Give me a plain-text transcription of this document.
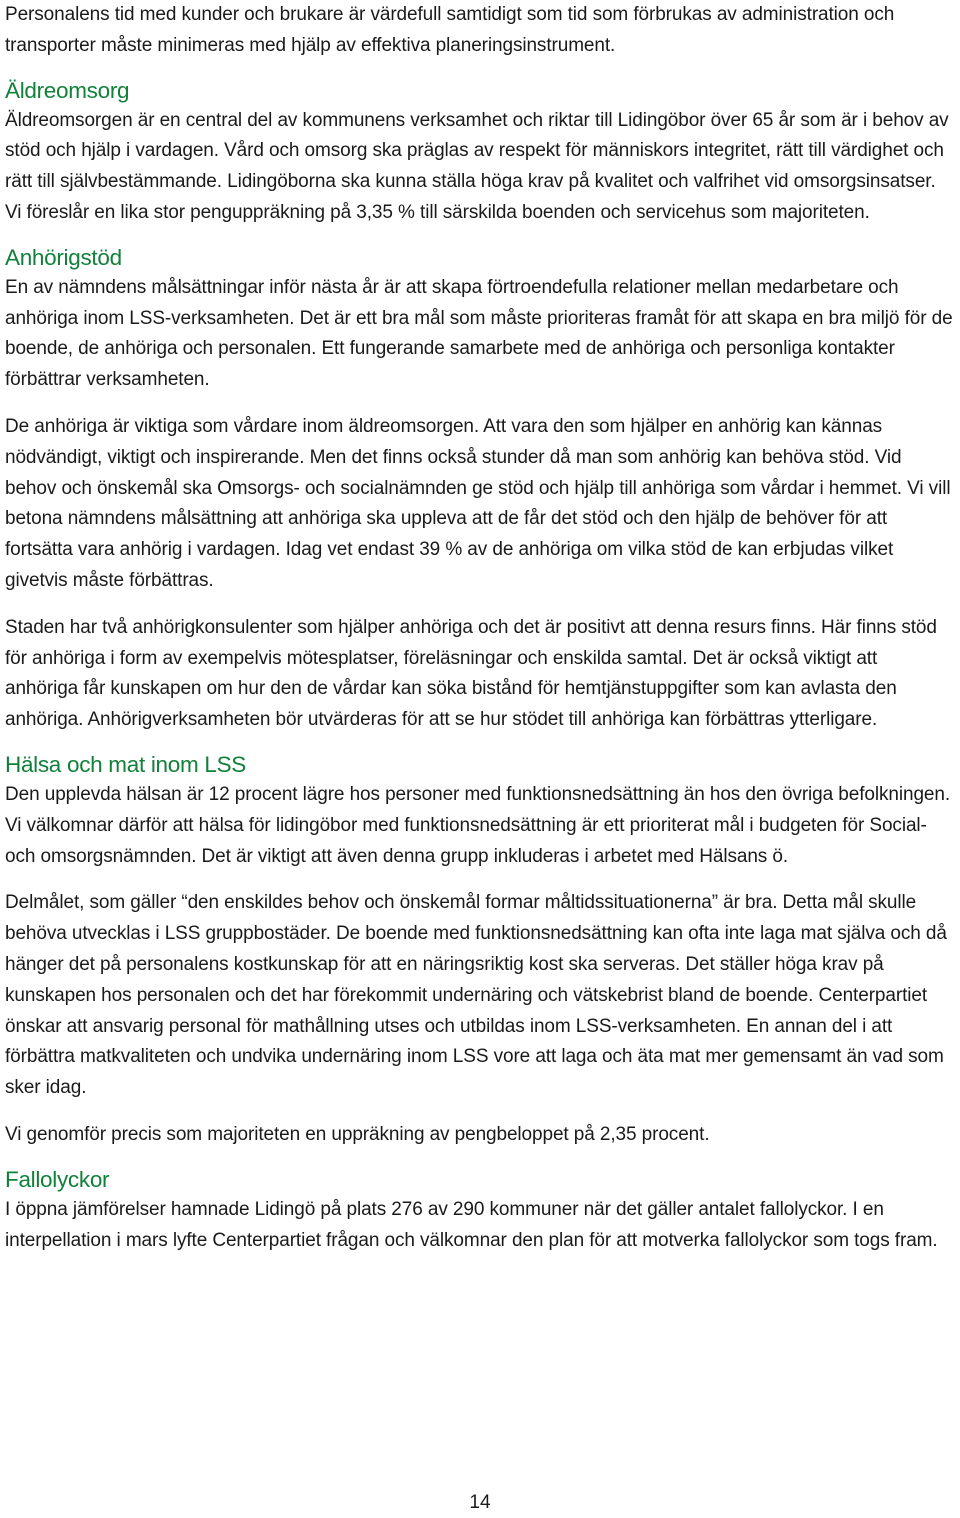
Personalens tid med kunder och brukare är värdefull samtidigt som tid som förbrukas av administration och transporter måste minimeras med hjälp av effektiva planeringsinstrument.

Äldreomsorg

Äldreomsorgen är en central del av kommunens verksamhet och riktar till Lidingöbor över 65 år som är i behov av stöd och hjälp i vardagen. Vård och omsorg ska präglas av respekt för människors integritet, rätt till värdighet och rätt till självbestämmande. Lidingöborna ska kunna ställa höga krav på kvalitet och valfrihet vid omsorgsinsatser. Vi föreslår en lika stor penguppräkning på 3,35 % till särskilda boenden och servicehus som majoriteten.

Anhörigstöd

En av nämndens målsättningar inför nästa år är att skapa förtroendefulla relationer mellan medarbetare och anhöriga inom LSS-verksamheten. Det är ett bra mål som måste prioriteras framåt för att skapa en bra miljö för de boende, de anhöriga och personalen. Ett fungerande samarbete med de anhöriga och personliga kontakter förbättrar verksamheten.

De anhöriga är viktiga som vårdare inom äldreomsorgen. Att vara den som hjälper en anhörig kan kännas nödvändigt, viktigt och inspirerande. Men det finns också stunder då man som anhörig kan behöva stöd. Vid behov och önskemål ska Omsorgs- och socialnämnden ge stöd och hjälp till anhöriga som vårdar i hemmet. Vi vill betona nämndens målsättning att anhöriga ska uppleva att de får det stöd och den hjälp de behöver för att fortsätta vara anhörig i vardagen. Idag vet endast 39 % av de anhöriga om vilka stöd de kan erbjudas vilket givetvis måste förbättras.

Staden har två anhörigkonsulenter som hjälper anhöriga och det är positivt att denna resurs finns. Här finns stöd för anhöriga i form av exempelvis mötesplatser, föreläsningar och enskilda samtal. Det är också viktigt att anhöriga får kunskapen om hur den de vårdar kan söka bistånd för hemtjänstuppgifter som kan avlasta den anhöriga. Anhörigverksamheten bör utvärderas för att se hur stödet till anhöriga kan förbättras ytterligare.

Hälsa och mat inom LSS

Den upplevda hälsan är 12 procent lägre hos personer med funktionsnedsättning än hos den övriga befolkningen. Vi välkomnar därför att hälsa för lidingöbor med funktionsnedsättning är ett prioriterat mål i budgeten för Social- och omsorgsnämnden. Det är viktigt att även denna grupp inkluderas i arbetet med Hälsans ö.

Delmålet, som gäller “den enskildes behov och önskemål formar måltidssituationerna” är bra. Detta mål skulle behöva utvecklas i LSS gruppbostäder. De boende med funktionsnedsättning kan ofta inte laga mat själva och då hänger det på personalens kostkunskap för att en näringsriktig kost ska serveras. Det ställer höga krav på kunskapen hos personalen och det har förekommit undernäring och vätskebrist bland de boende. Centerpartiet önskar att ansvarig personal för mathållning utses och utbildas inom LSS-verksamheten. En annan del i att förbättra matkvaliteten och undvika undernäring inom LSS vore att laga och äta mat mer gemensamt än vad som sker idag.

Vi genomför precis som majoriteten en uppräkning av pengbeloppet på 2,35 procent.

Fallolyckor

I öppna jämförelser hamnade Lidingö på plats 276 av 290 kommuner när det gäller antalet fallolyckor. I en interpellation i mars lyfte Centerpartiet frågan och välkomnar den plan för att motverka fallolyckor som togs fram.

14
